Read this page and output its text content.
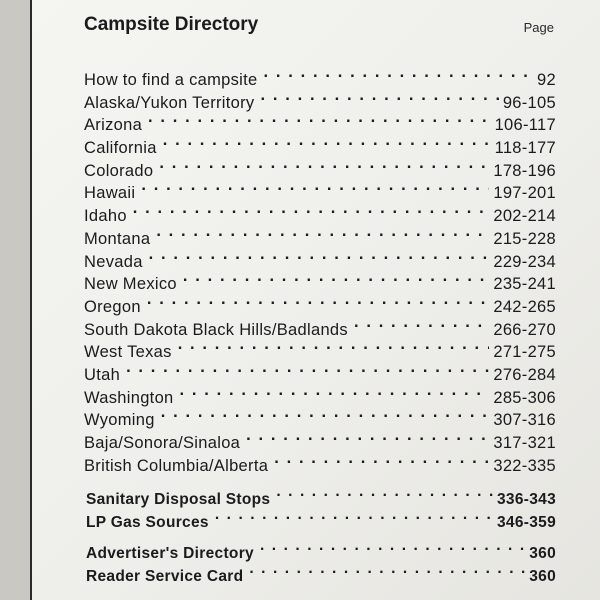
Campsite Directory	Page
How to find a campsite . . .	92
Alaska/Yukon Territory . . .	96-105
Arizona . . .	106-117
California . . .	118-177
Colorado . . .	178-196
Hawaii . . .	197-201
Idaho . . .	202-214
Montana . . .	215-228
Nevada . . .	229-234
New Mexico . . .	235-241
Oregon . . .	242-265
South Dakota Black Hills/Badlands . . .	266-270
West Texas . . .	271-275
Utah . . .	276-284
Washington . . .	285-306
Wyoming . . .	307-316
Baja/Sonora/Sinaloa . . .	317-321
British Columbia/Alberta . . .	322-335
Sanitary Disposal Stops . . .	336-343
LP Gas Sources . . .	346-359
Advertiser's Directory . . .	360
Reader Service Card . . .	360
